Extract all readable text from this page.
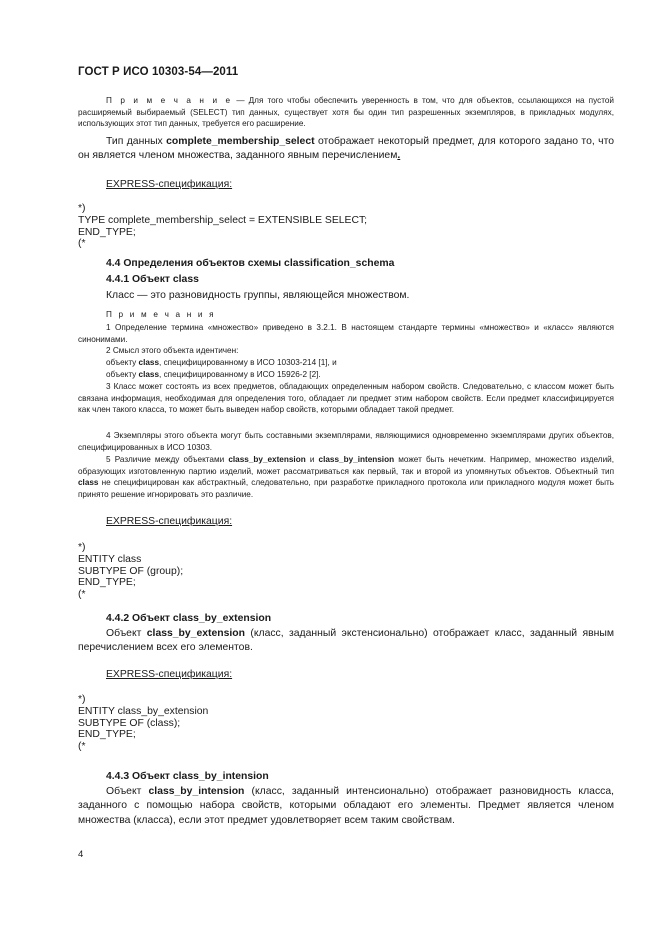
ГОСТ Р ИСО 10303-54—2011

П р и м е ч а н и е — Для того чтобы обеспечить уверенность в том, что для объектов, ссылающихся на пустой расширяемый выбираемый (SELECT) тип данных, существует хотя бы один тип разрешенных экземпляров, в прикладных модулях, использующих этот тип данных, требуется его расширение.

Тип данных complete_membership_select отображает некоторый предмет, для которого задано то, что он является членом множества, заданного явным перечислением.

EXPRESS-спецификация:
*)
TYPE complete_membership_select = EXTENSIBLE SELECT;
END_TYPE;
(*
4.4 Определения объектов схемы classification_schema
4.4.1 Объект class
Класс — это разновидность группы, являющейся множеством.
П р и м е ч а н и я

1 Определение термина «множество» приведено в 3.2.1. В настоящем стандарте термины «множество» и «класс» являются синонимами.

2 Смысл этого объекта идентичен:

объекту class, специфицированному в ИСО 10303-214 [1], и

объекту class, специфицированному в ИСО 15926-2 [2].

3 Класс может состоять из всех предметов, обладающих определенным набором свойств. Следовательно, с классом может быть связана информация, необходимая для определения того, обладает ли предмет этим набором свойств. Если предмет классифицируется как член такого класса, то может быть выведен набор свойств, которыми обладает такой предмет.

4 Экземпляры этого объекта могут быть составными экземплярами, являющимися одновременно экземплярами других объектов, специфицированных в ИСО 10303.

5 Различие между объектами class_by_extension и class_by_intension может быть нечетким. Например, множество изделий, образующих изготовленную партию изделий, может рассматриваться как первый, так и второй из упомянутых объектов. Объектный тип class не специфицирован как абстрактный, следовательно, при разработке прикладного протокола или прикладного модуля может быть принято решение игнорировать это различие.

EXPRESS-спецификация:
*)
ENTITY class
SUBTYPE OF (group);
END_TYPE;
(*
4.4.2 Объект class_by_extension

Объект class_by_extension (класс, заданный экстенсионально) отображает класс, заданный явным перечислением всех его элементов.

EXPRESS-спецификация:
*)
ENTITY class_by_extension
SUBTYPE OF (class);
END_TYPE;
(*
4.4.3 Объект class_by_intension

Объект class_by_intension (класс, заданный интенсионально) отображает разновидность класса, заданного с помощью набора свойств, которыми обладают его элементы. Предмет является членом множества (класса), если этот предмет удовлетворяет всем таким свойствам.

4
